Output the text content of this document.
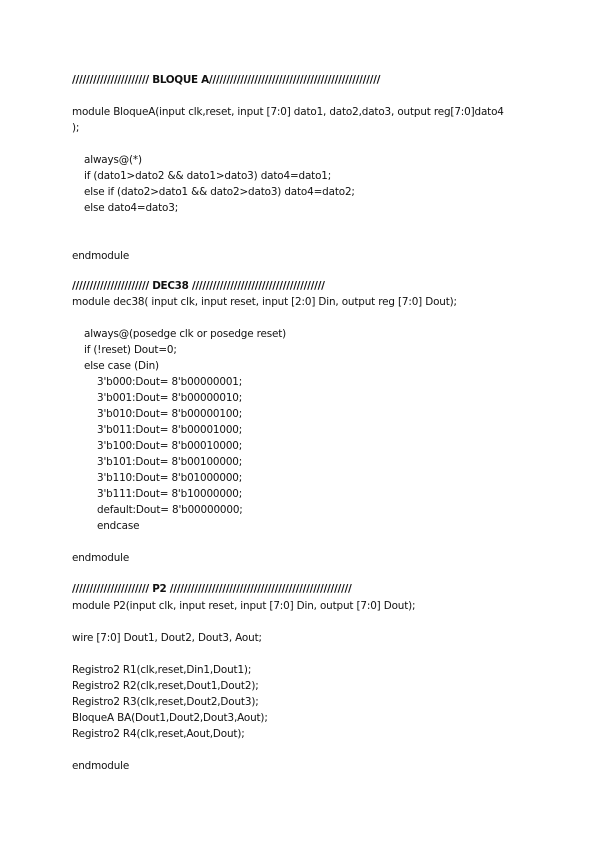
////////////////////// BLOQUE A/////////////////////////////////////////////////
module BloqueA(input clk,reset, input [7:0] dato1, dato2,dato3, output reg[7:0]dato4
);
always@(*)
if (dato1>dato2 && dato1>dato3) dato4=dato1;
else if (dato2>dato1 && dato2>dato3) dato4=dato2;
else dato4=dato3;
endmodule
////////////////////// DEC38 //////////////////////////////////////
module dec38( input clk, input reset, input [2:0] Din, output reg [7:0] Dout);
always@(posedge clk or posedge reset)
if (!reset) Dout=0;
else case (Din)
3'b000:Dout= 8'b00000001;
3'b001:Dout= 8'b00000010;
3'b010:Dout= 8'b00000100;
3'b011:Dout= 8'b00001000;
3'b100:Dout= 8'b00010000;
3'b101:Dout= 8'b00100000;
3'b110:Dout= 8'b01000000;
3'b111:Dout= 8'b10000000;
default:Dout= 8'b00000000;
endcase
endmodule
////////////////////// P2 ////////////////////////////////////////////////////
module P2(input clk, input reset, input [7:0] Din, output [7:0] Dout);
wire [7:0] Dout1, Dout2, Dout3, Aout;
Registro2 R1(clk,reset,Din1,Dout1);
Registro2 R2(clk,reset,Dout1,Dout2);
Registro2 R3(clk,reset,Dout2,Dout3);
BloqueA BA(Dout1,Dout2,Dout3,Aout);
Registro2 R4(clk,reset,Aout,Dout);
endmodule
